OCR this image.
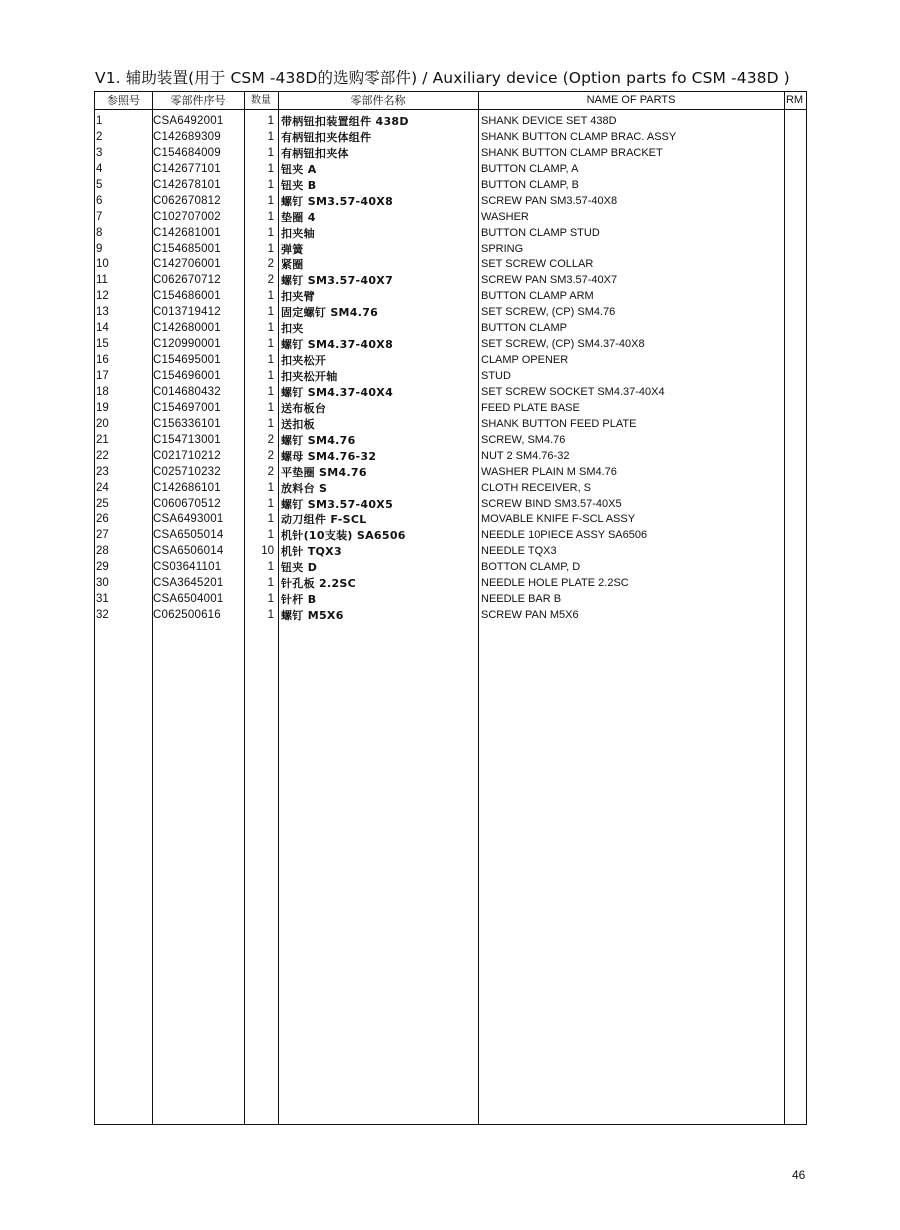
V1. 辅助装置(用于 CSM -438D的选购零部件) / Auxiliary device (Option parts fo CSM -438D )
参照号	零部件序号	数量	零部件名称	NAME OF PARTS	RM
1	CSA6492001	1 带柄钮扣装置组件 438D	SHANK DEVICE SET 438D
2	C142689309	1 有柄钮扣夹体组件	SHANK BUTTON CLAMP BRAC. ASSY
3	C154684009	1 有柄钮扣夹体	SHANK BUTTON CLAMP BRACKET
4	C142677101	1 钮夹 A	BUTTON CLAMP, A
5	C142678101	1 钮夹 B	BUTTON CLAMP, B
6	C062670812	1 螺钉 SM3.57-40X8	SCREW PAN SM3.57-40X8
7	C102707002	1 垫圈 4	WASHER
8	C142681001	1 扣夹轴	BUTTON CLAMP STUD
9	C154685001	1 弹簧	SPRING
10	C142706001	2 紧圈	SET SCREW COLLAR
11	C062670712	2 螺钉 SM3.57-40X7	SCREW PAN SM3.57-40X7
12	C154686001	1 扣夹臂	BUTTON CLAMP ARM
13	C013719412	1 固定螺钉 SM4.76	SET SCREW, (CP) SM4.76
14	C142680001	1 扣夹	BUTTON CLAMP
15	C120990001	1 螺钉 SM4.37-40X8	SET SCREW, (CP) SM4.37-40X8
16	C154695001	1 扣夹松开	CLAMP OPENER
17	C154696001	1 扣夹松开轴	STUD
18	C014680432	1 螺钉 SM4.37-40X4	SET SCREW SOCKET SM4.37-40X4
19	C154697001	1 送布板台	FEED PLATE BASE
20	C156336101	1 送扣板	SHANK BUTTON FEED PLATE
21	C154713001	2 螺钉 SM4.76	SCREW, SM4.76
22	C021710212	2 螺母 SM4.76-32	NUT 2 SM4.76-32
23	C025710232	2 平垫圈 SM4.76	WASHER PLAIN M SM4.76
24	C142686101	1 放料台 S	CLOTH RECEIVER, S
25	C060670512	1 螺钉 SM3.57-40X5	SCREW BIND SM3.57-40X5
26	CSA6493001	1 动刀组件 F-SCL	MOVABLE KNIFE F-SCL ASSY
27	CSA6505014	1 机针(10支装) SA6506	NEEDLE 10PIECE ASSY SA6506
28	CSA6506014	10 机针 TQX3	NEEDLE TQX3
29	CS03641101	1 钮夹 D	BOTTON CLAMP, D
30	CSA3645201	1 针孔板 2.2SC	NEEDLE HOLE PLATE 2.2SC
31	CSA6504001	1 针杆 B	NEEDLE BAR B
32	C062500616	1 螺钉 M5X6	SCREW PAN M5X6
46
